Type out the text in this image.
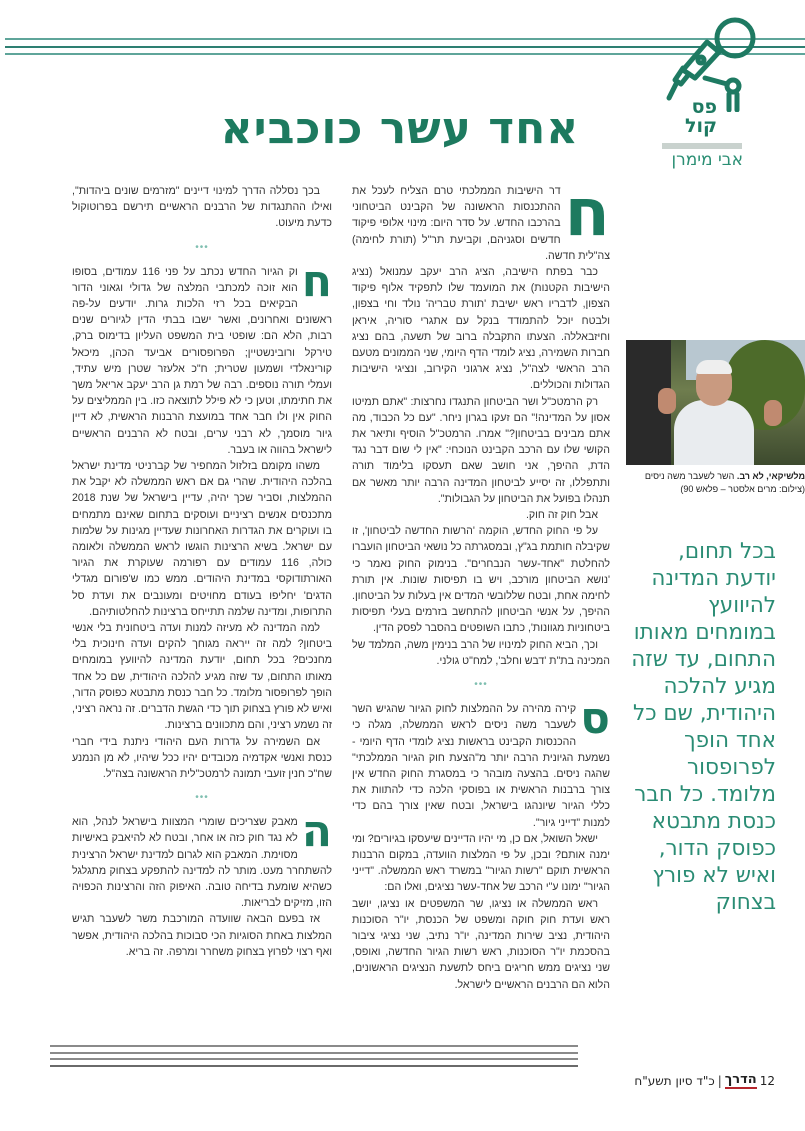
פס קול
אבי מימרן
אחד עשר כוכביא

ח
דר הישיבות הממלכתי טרם הצליח לעכל את ההתכנסות הראשונה של הקבינט הביטחוני בהרכבו החדש. על סדר היום: מינוי אלופי פיקוד חדשים וסגניהם, וקביעת תר"ל (תורת לחימה) צה"לית חדשה.

כבר בפתח הישיבה, הציג הרב יעקב עמנואל (נציג הישיבות הקטנות) את המועמד שלו לתפקיד אלוף פיקוד הצפון, לדבריו ראש ישיבת 'תורת טבריה' נולד וחי בצפון, ולבטח יוכל להתמודד בנקל עם אתגרי סוריה, איראן וחיזבאללה. הצעתו התקבלה ברוב של תשעה, בהם נציג חברות השמירה, נציג לומדי הדף היומי, שני הממונים מטעם הרב הראשי לצה"ל, נציג ארגוני הקירוב, ונציגי הישיבות הגדולות והכוללים.

רק הרמטכ"ל ושר הביטחון התנגדו נחרצות: "אתם תמיטו אסון על המדינה!" הם זעקו בגרון ניחר. "עם כל הכבוד, מה אתם מבינים בביטחון?" אמרו. הרמטכ"ל הוסיף ותיאר את הקושי שלו עם הרכב הקבינט הנוכחי: "אין לי שום דבר נגד הדת, ההיפך, אני חושב שאם תעסקו בלימוד תורה ותתפללו, זה יסייע לביטחון המדינה הרבה יותר מאשר אם תנהלו בפועל את הביטחון על הגבולות".

אבל חוק זה חוק.

על פי החוק החדש, הוקמה 'הרשות החדשה לביטחון', זו שקיבלה חותמת בג"ץ, ובמסגרתה כל נושאי הביטחון הועברו להחלטת "אחד-עשר הנבחרים". בנימוק החוק נאמר כי 'נושא הביטחון מורכב, ויש בו תפיסות שונות. אין תורת לחימה אחת, ובטח שללובשי המדים אין בעלות על הביטחון. ההיפך, על אנשי הביטחון להתחשב בזרמים בעלי תפיסות ביטחוניות מגוונות', כתבו השופטים בהסבר לפסק הדין.

וכך, הביא החוק למינויו של הרב בנימין משה, המלמד של המכינה בת"ת 'דבש וחלב', למח"ט גולני.

•••

ס
קירה מהירה על ההמלצות לחוק הגיור שהגיש השר לשעבר משה ניסים לראש הממשלה, מגלה כי ההכנסות הקבינט בראשות נציג לומדי הדף היומי - נשמעת הגיונית הרבה יותר מ"הצעת חוק הגיור הממלכתי" שהגה ניסים. בהצעה מובהר כי במסגרת החוק החדש אין צורך ברבנות הראשית או בפוסקי הלכה כדי להתוות את כללי הגיור שיונהגו בישראל, ובטח שאין צורך בהם כדי למנות "דייני גיור".

ישאל השואל, אם כן, מי יהיו הדיינים שיעסקו בגיורים? ומי ימנה אותם? ובכן, על פי המלצות הוועדה, במקום הרבנות הראשית תוקם "רשות הגיור" במשרד ראש הממשלה. "דייני הגיור" ימונו ע"י הרכב של אחד-עשר נציגים, ואלו הם:

ראש הממשלה או נציגו, שר המשפטים או נציגו, יושב ראש ועדת חוק חוקה ומשפט של הכנסת, יו"ר הסוכנות היהודית, נציב שירות המדינה, יו"ר נתיב, שני נציגי ציבור בהסכמת יו"ר הסוכנות, ראש רשות הגיור החדשה, ואופס, שני נציגים ממש חריגים ביחס לתשעת הנציגים הראשונים, הלוא הם הרבנים הראשיים לישראל.

בכך נסללה הדרך למינוי דיינים "מזרמים שונים ביהדות", ואילו ההתנגדות של הרבנים הראשיים תירשם בפרוטוקול כדעת מיעוט.

•••

ח
וק הגיור החדש נכתב על פני 116 עמודים, בסופו הוא זוכה למכתבי המלצה של גדולי וגאוני הדור הבקיאים בכל רזי הלכות גרות. יודעים על-פה ראשונים ואחרונים, ואשר ישבו בבתי הדין לגיורים שנים רבות, הלא הם: שופטי בית המשפט העליון בדימוס ברק, טירקל ורובינשטיין; הפרופסורים אביעד הכהן, מיכאל קורינאלדי ושמעון שטרית; ח"כ אלעזר שטרן מיש עתיד, ועמלי תורה נוספים. רבה של רמת גן הרב יעקב אריאל משך את חתימתו, וטען כי לא פילל לתוצאה כזו. בין הממליצים על החוק אין ולו חבר אחד במועצת הרבנות הראשית, לא דיין גיור מוסמך, לא רבני ערים, ובטח לא הרבנים הראשיים לישראל בהווה או בעבר.

משהו מקומם בזלזול המחפיר של קברניטי מדינת ישראל בהלכה היהודית. שהרי גם אם ראש הממשלה לא יקבל את ההמלצות, וסביר שכך יהיה, עדיין בישראל של שנת 2018 מתכנסים אנשים רציניים ועוסקים בתחום שאינם מתמחים בו ועוקרים את הגדרות האחרונות שעדיין מגינות על שלמות עם ישראל. בשיא הרצינות הוגשו לראש הממשלה ולאומה כולה, 116 עמודים עם רפורמה שעוקרת את הגיור האורתודוקסי במדינת היהודים. ממש כמו ש'פורום מגדלי הדגים' יחליפו בעודם מחויטים ומעונבים את ועדת סל התרופות, ומדינה שלמה תתייחס ברצינות להחלטותיהם.

למה המדינה לא מעיזה למנות ועדה ביטחונית בלי אנשי ביטחון? למה זה ייראה מגוחך להקים ועדה חינוכית בלי מחנכים? בכל תחום, יודעת המדינה להיוועץ במומחים מאותו התחום, עד שזה מגיע להלכה היהודית, שם כל אחד הופך לפרופסור מלומד. כל חבר כנסת מתבטא כפוסק הדור, ואיש לא פורץ בצחוק תוך כדי הגשת הדברים. זה נראה רציני, זה נשמע רציני, והם מתכוונים ברצינות.

אם השמירה על גדרות העם היהודי ניתנת בידי חברי כנסת ואנשי אקדמיה מכובדים יהיו ככל שיהיו, לא מן הנמנע שח"כ חנין זועבי תמונה לרמטכ"לית הראשונה בצה"ל.

•••

ה
מאבק שצריכים שומרי המצוות בישראל לנהל, הוא לא נגד חוק כזה או אחר, ובטח לא להיאבק באישיות מסוימת. המאבק הוא לגרום למדינת ישראל הרצינית להשתחרר מעט. מותר לה למדינה להתפקע בצחוק מתגלגל כשהיא שומעת בדיחה טובה. האיפוק הזה והרצינות הכפויה הזו, מזיקים לבריאות.

אז בפעם הבאה שוועדה המורכבת משר לשעבר תגיש המלצות באחת הסוגיות הכי סבוכות בהלכה היהודית, אפשר ואף רצוי לפרוץ בצחוק משחרר ומרפה. זה בריא.

מלשיקאי, לא רב. השר לשעבר משה ניסים (צילום: מרים אלסטר – פלאש 90)
בכל תחום, יודעת המדינה להיוועץ במומחים מאותו התחום, עד שזה מגיע להלכה היהודית, שם כל אחד הופך לפרופסור מלומד. כל חבר כנסת מתבטא כפוסק הדור, ואיש לא פורץ בצחוק
12
הדרך
|
כ"ד סיון תשע"ח
